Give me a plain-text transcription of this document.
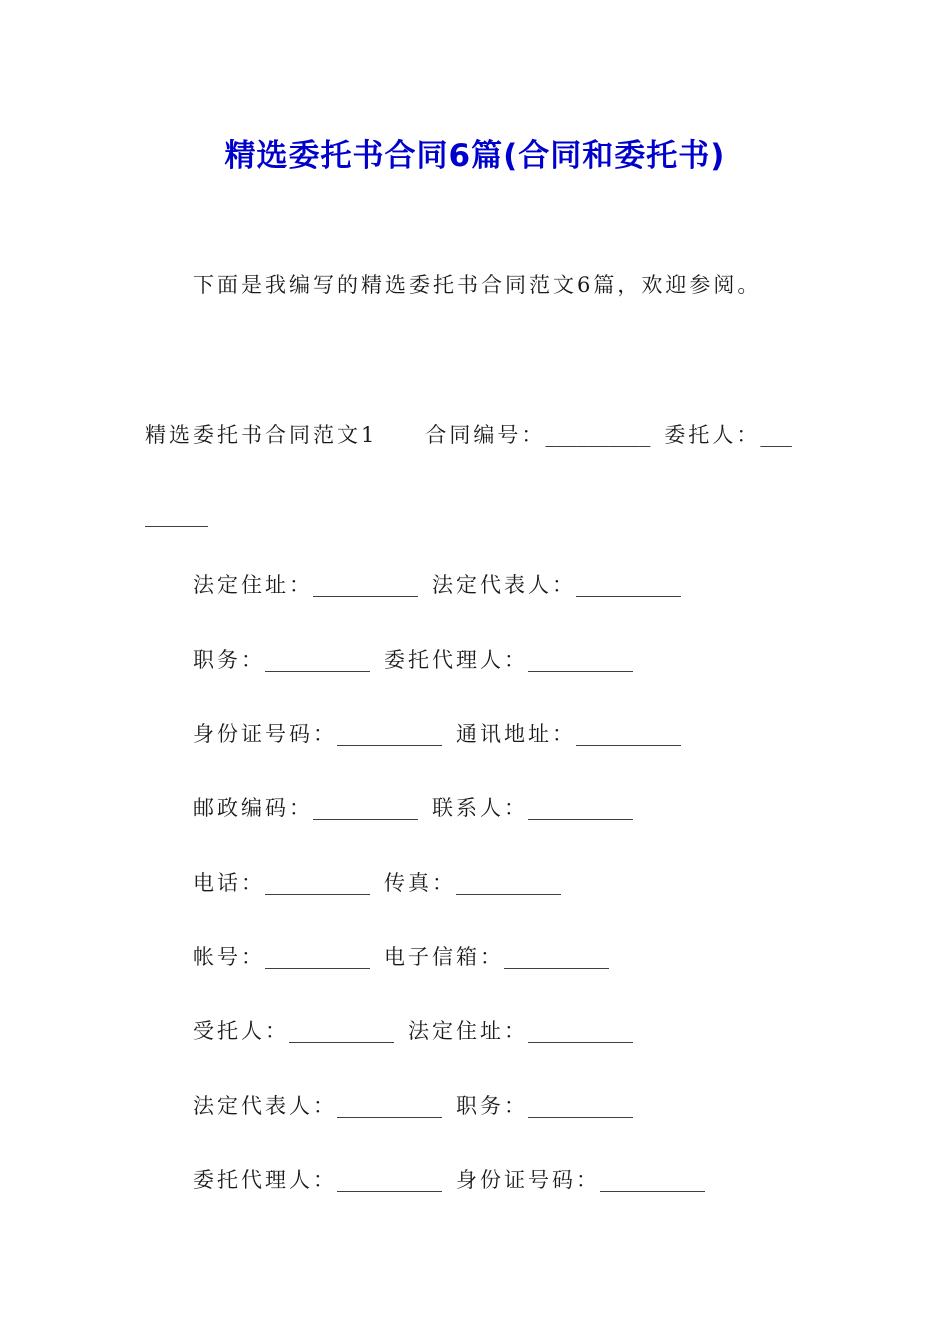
精选委托书合同6篇(合同和委托书)
下面是我编写的精选委托书合同范文6篇，欢迎参阅。
精选委托书合同范文1 合同编号：__________ 委托人：___
______
法定住址：__________ 法定代表人：__________
职务：__________ 委托代理人：__________
身份证号码：__________ 通讯地址：__________
邮政编码：__________ 联系人：__________
电话：__________ 传真：__________
帐号：__________ 电子信箱：__________
受托人：__________ 法定住址：__________
法定代表人：__________ 职务：__________
委托代理人：__________ 身份证号码：__________
